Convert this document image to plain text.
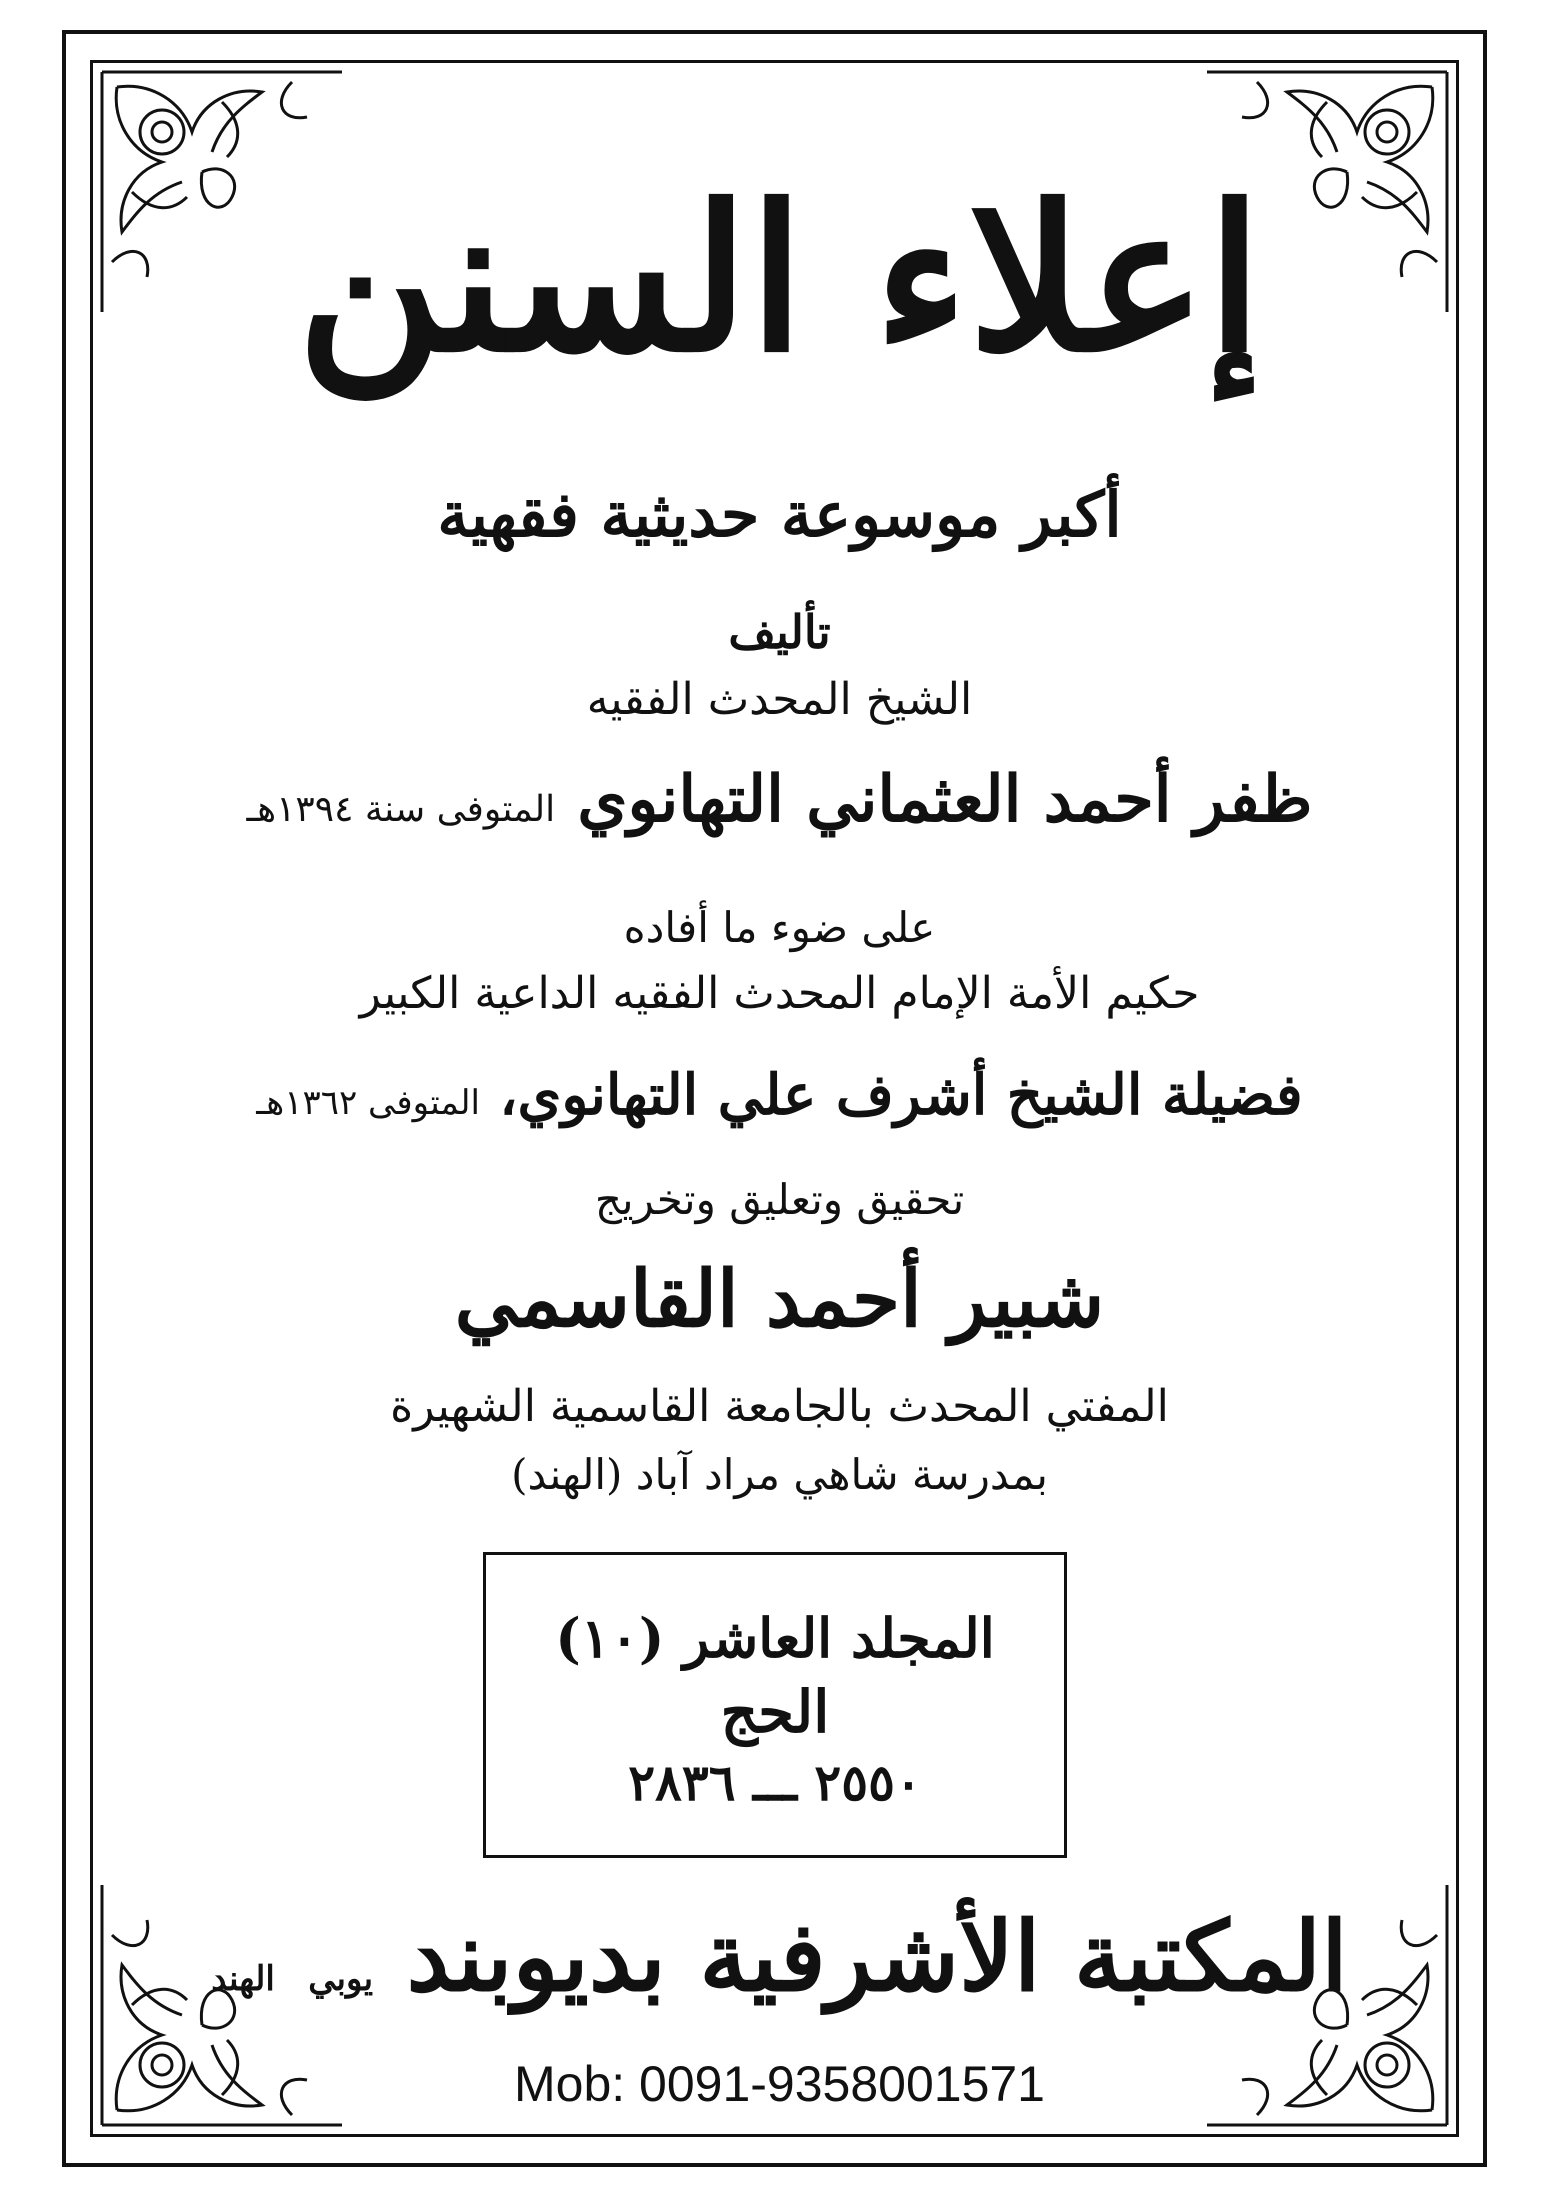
إعلاء السنن
أكبر موسوعة حديثية فقهية
تأليف
الشيخ المحدث الفقيه
ظفر أحمد العثماني التهانوي المتوفى سنة ١٣٩٤هـ
على ضوء ما أفاده
حكيم الأمة الإمام المحدث الفقيه الداعية الكبير
فضيلة الشيخ أشرف علي التهانوي، المتوفى ١٣٦٢هـ
تحقيق وتعليق وتخريج
شبير أحمد القاسمي
المفتي المحدث بالجامعة القاسمية الشهيرة
بمدرسة شاهي مراد آباد (الهند)
المجلد العاشر (١٠)
الحج
٢٥٥٠ ـــ ٢٨٣٦
المكتبة الأشرفية بديوبند يوبي الهند
Mob: 0091-9358001571
